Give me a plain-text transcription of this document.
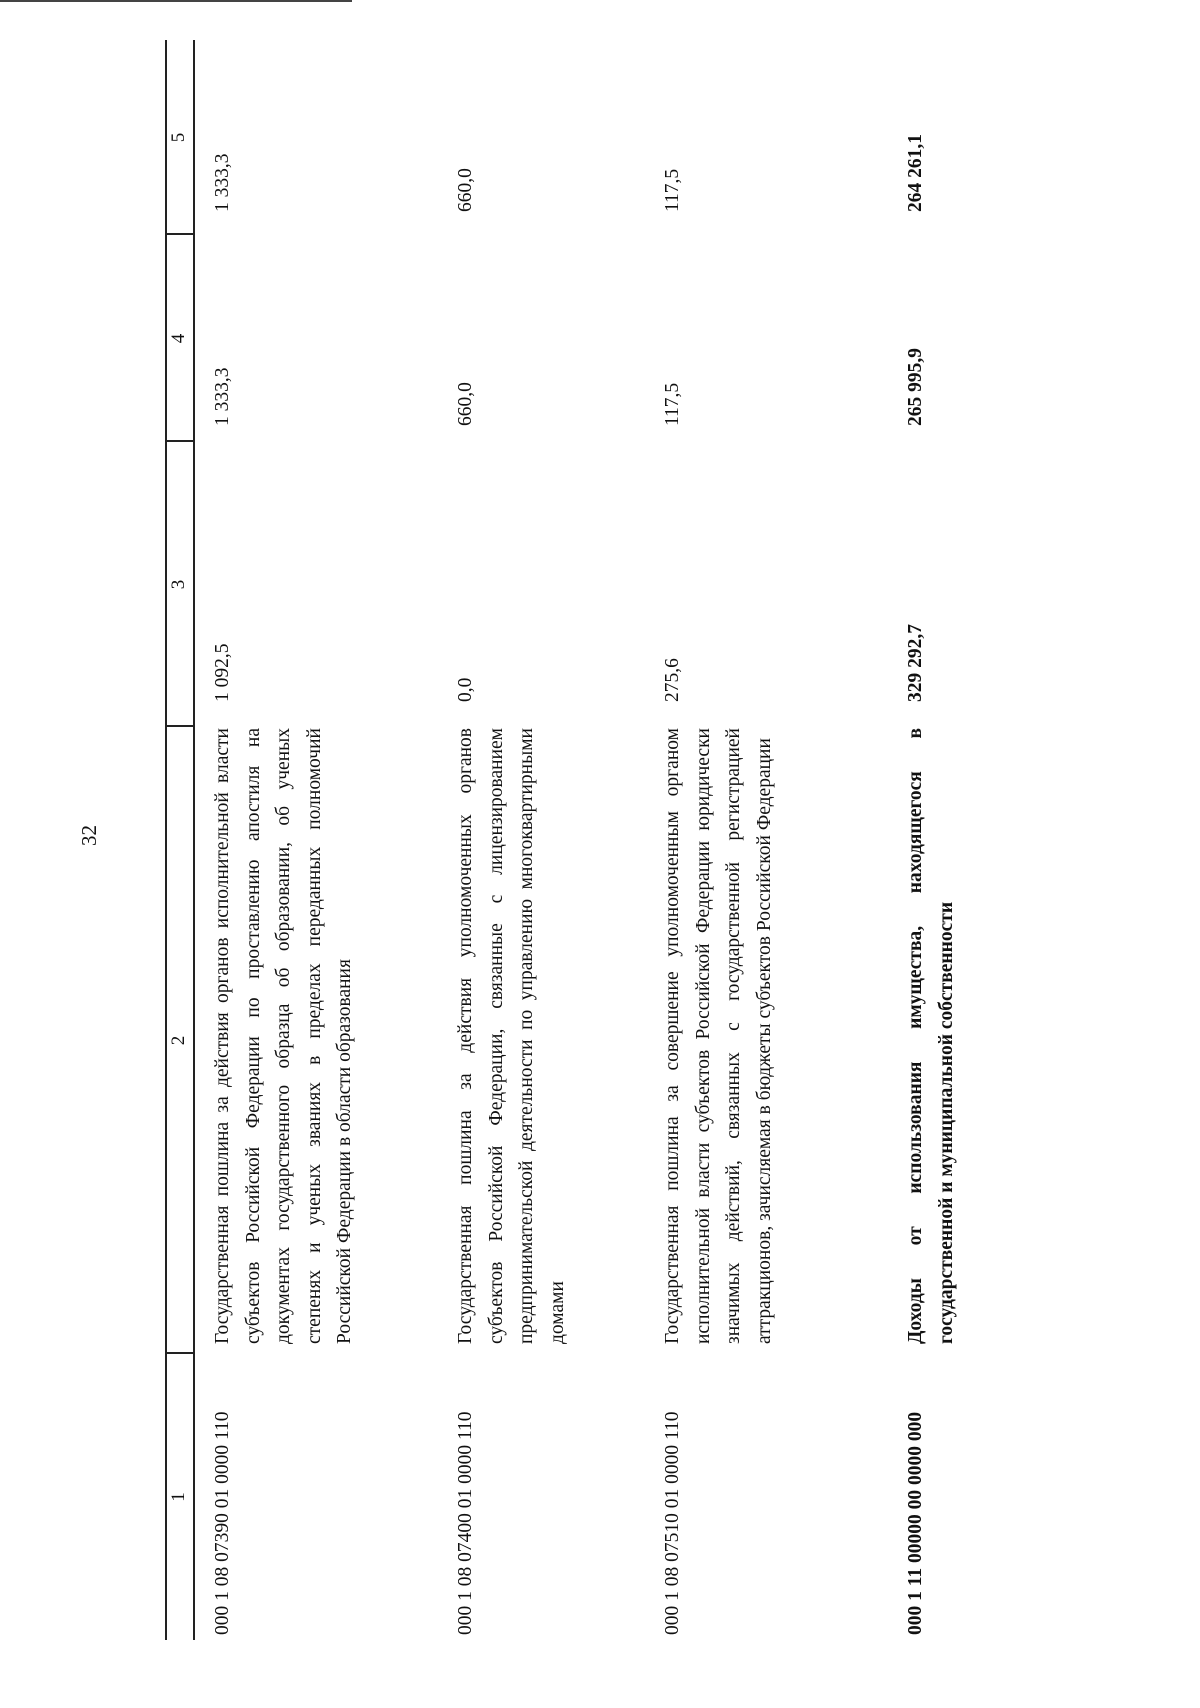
32
1
2
3
4
5
000 1 08 07390 01 0000 110
Государственная пошлина за действия органов исполнительной власти субъектов Российской Федерации по проставлению апостиля на документах государственного образца об образовании, об ученых степенях и ученых званиях в пределах переданных полномочий Российской Федерации в области образования
1 092,5
1 333,3
1 333,3
000 1 08 07400 01 0000 110
Государственная пошлина за действия уполномоченных органов субъектов Российской Федерации, связанные с лицензированием предпринимательской деятельности по управлению многоквартирными домами
0,0
660,0
660,0
000 1 08 07510 01 0000 110
Государственная пошлина за совершение уполномоченным органом исполнительной власти субъектов Российской Федерации юридически значимых действий, связанных с государственной регистрацией аттракционов, зачисляемая в бюджеты субъектов Российской Федерации
275,6
117,5
117,5
000 1 11 00000 00 0000 000
Доходы от использования имущества, находящегося в государственной и муниципальной собственности
329 292,7
265 995,9
264 261,1
